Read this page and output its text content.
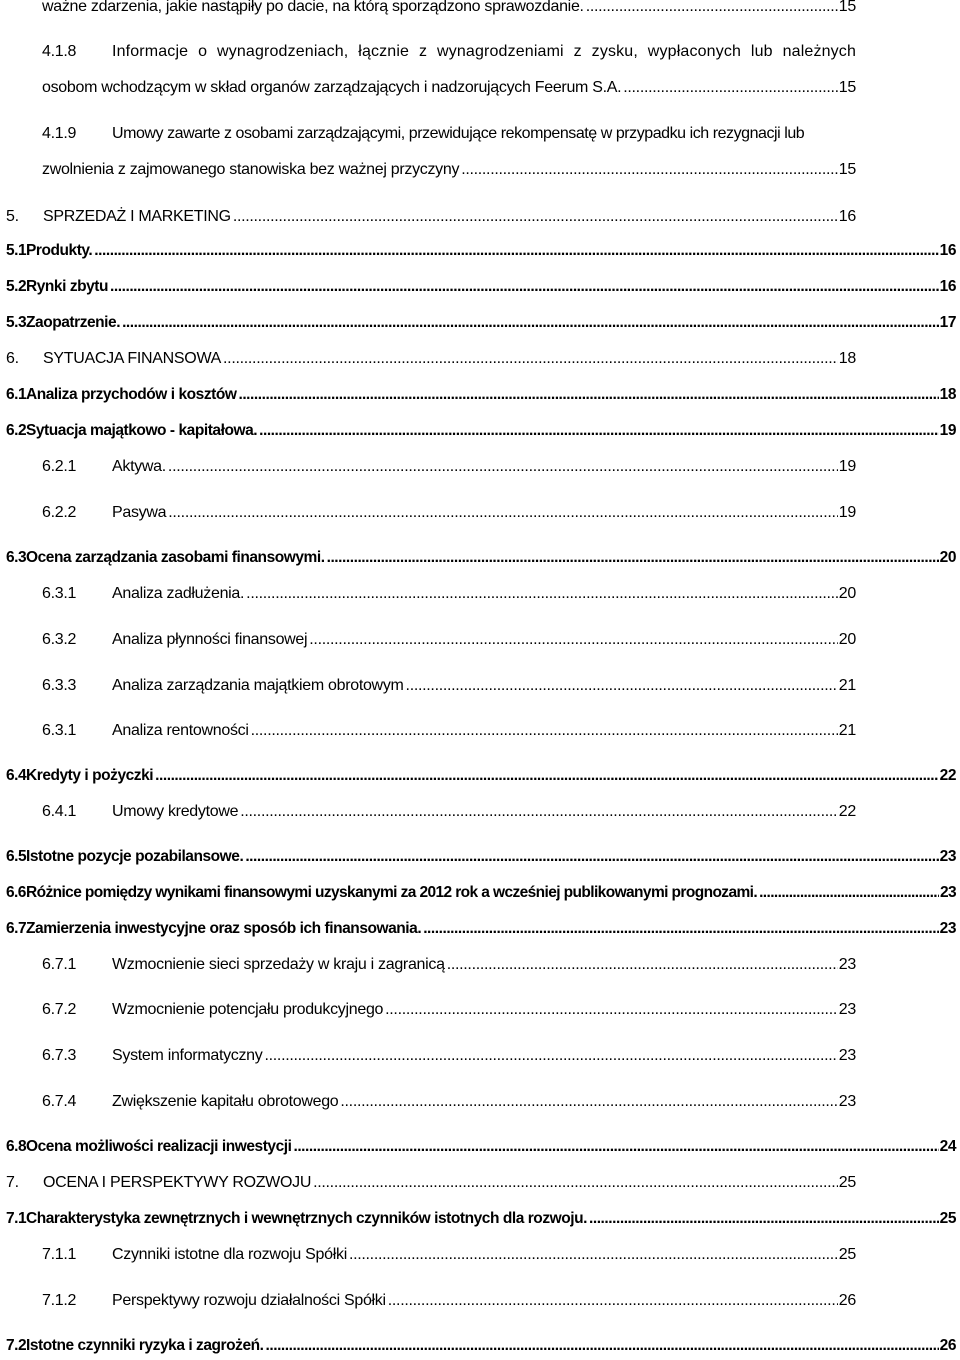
ważne zdarzenia, jakie nastąpiły po dacie, na którą sporządzono sprawozdanie. .....	15
4.1.8	Informacje o wynagrodzeniach, łącznie z wynagrodzeniami z zysku, wypłaconych lub należnych
osobom wchodzącym w skład organów zarządzających i nadzorujących Feerum S.A. .....	15
4.1.9	Umowy zawarte z osobami zarządzającymi, przewidujące rekompensatę w przypadku ich rezygnacji lub
zwolnienia z zajmowanego stanowiska bez ważnej przyczyny .....	15
5.	SPRZEDAŻ I MARKETING .....	16
5.1 Produkty. .....	16
5.2 Rynki zbytu .....	16
5.3 Zaopatrzenie. .....	17
6.	SYTUACJA FINANSOWA .....	18
6.1 Analiza przychodów i kosztów .....	18
6.2 Sytuacja majątkowo - kapitałowa. .....	19
6.2.1	Aktywa. .....	19
6.2.2	Pasywa .....	19
6.3 Ocena zarządzania zasobami finansowymi. .....	20
6.3.1	Analiza zadłużenia. .....	20
6.3.2	Analiza płynności finansowej .....	20
6.3.3	Analiza zarządzania majątkiem obrotowym .....	21
6.3.1	Analiza rentowności .....	21
6.4 Kredyty i pożyczki .....	22
6.4.1	Umowy kredytowe .....	22
6.5 Istotne pozycje pozabilansowe. .....	23
6.6 Różnice pomiędzy wynikami finansowymi uzyskanymi za 2012 rok a wcześniej publikowanymi prognozami. .....	23
6.7 Zamierzenia inwestycyjne oraz sposób ich finansowania. .....	23
6.7.1	Wzmocnienie sieci sprzedaży w kraju i zagranicą .....	23
6.7.2	Wzmocnienie potencjału produkcyjnego .....	23
6.7.3	System informatyczny .....	23
6.7.4	Zwiększenie kapitału obrotowego .....	23
6.8 Ocena możliwości realizacji inwestycji .....	24
7.	OCENA I PERSPEKTYWY ROZWOJU .....	25
7.1 Charakterystyka zewnętrznych i wewnętrznych czynników istotnych dla rozwoju. .....	25
7.1.1	Czynniki istotne dla rozwoju Spółki .....	25
7.1.2	Perspektywy rozwoju działalności Spółki .....	26
7.2 Istotne czynniki ryzyka i zagrożeń. .....	26
